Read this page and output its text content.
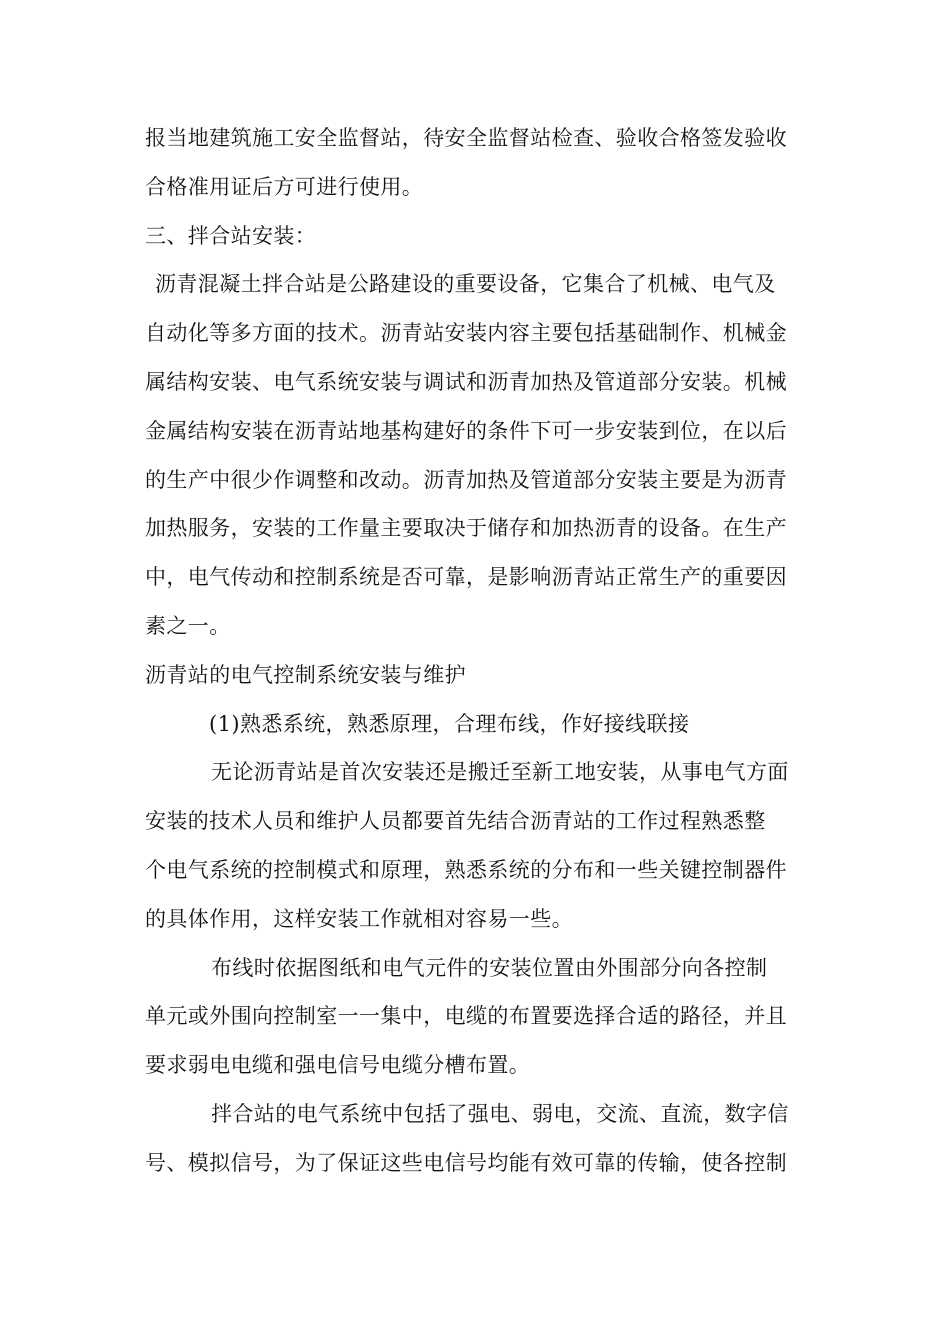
报当地建筑施工安全监督站，待安全监督站检查、验收合格签发验收
合格准用证后方可进行使用。
三、拌合站安装：
沥青混凝土拌合站是公路建设的重要设备，它集合了机械、电气及
自动化等多方面的技术。沥青站安装内容主要包括基础制作、机械金
属结构安装、电气系统安装与调试和沥青加热及管道部分安装。机械
金属结构安装在沥青站地基构建好的条件下可一步安装到位，在以后
的生产中很少作调整和改动。沥青加热及管道部分安装主要是为沥青
加热服务，安装的工作量主要取决于储存和加热沥青的设备。在生产
中，电气传动和控制系统是否可靠，是影响沥青站正常生产的重要因
素之一。
沥青站的电气控制系统安装与维护
(1)熟悉系统，熟悉原理，合理布线，作好接线联接
无论沥青站是首次安装还是搬迁至新工地安装，从事电气方面
安装的技术人员和维护人员都要首先结合沥青站的工作过程熟悉整
个电气系统的控制模式和原理，熟悉系统的分布和一些关键控制器件
的具体作用，这样安装工作就相对容易一些。
布线时依据图纸和电气元件的安装位置由外围部分向各控制
单元或外围向控制室一一集中，电缆的布置要选择合适的路径，并且
要求弱电电缆和强电信号电缆分槽布置。
拌合站的电气系统中包括了强电、弱电，交流、直流，数字信
号、模拟信号，为了保证这些电信号均能有效可靠的传输，使各控制
